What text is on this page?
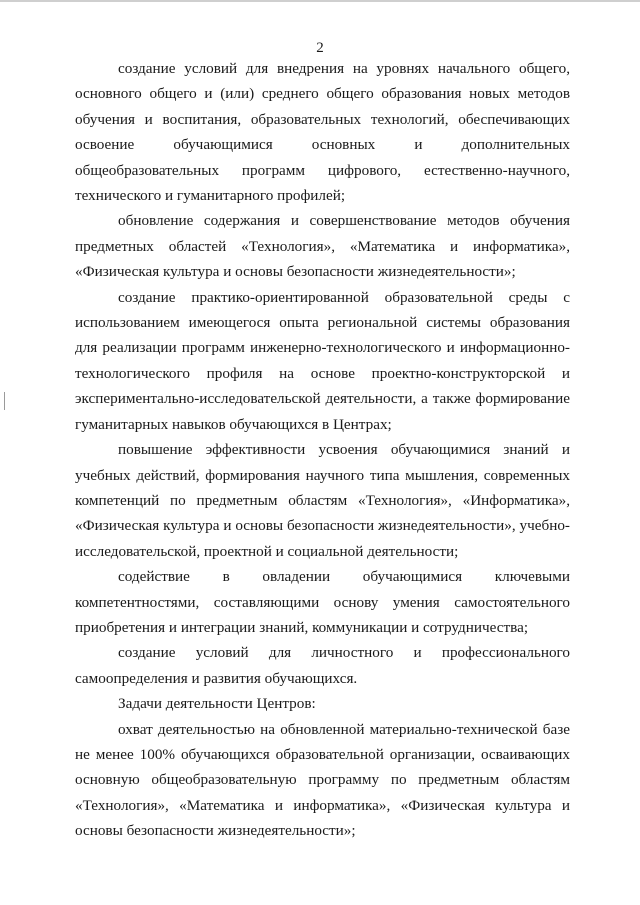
2

создание условий для внедрения на уровнях начального общего, основного общего и (или) среднего общего образования новых методов обучения и воспитания, образовательных технологий, обеспечивающих освоение обучающимися основных и дополнительных общеобразовательных программ цифрового, естественно-научного, технического и гуманитарного профилей;

обновление содержания и совершенствование методов обучения предметных областей «Технология», «Математика и информатика», «Физическая культура и основы безопасности жизнедеятельности»;

создание практико-ориентированной образовательной среды с использованием имеющегося опыта региональной системы образования для реализации программ инженерно-технологического и информационно-технологического профиля на основе проектно-конструкторской и экспериментально-исследовательской деятельности, а также формирование гуманитарных навыков обучающихся в Центрах;

повышение эффективности усвоения обучающимися знаний и учебных действий, формирования научного типа мышления, современных компетенций по предметным областям «Технология», «Информатика», «Физическая культура и основы безопасности жизнедеятельности», учебно-исследовательской, проектной и социальной деятельности;

содействие в овладении обучающимися ключевыми компетентностями, составляющими основу умения самостоятельного приобретения и интеграции знаний, коммуникации и сотрудничества;

создание условий для личностного и профессионального самоопределения и развития обучающихся.

Задачи деятельности Центров:

охват деятельностью на обновленной материально-технической базе не менее 100% обучающихся образовательной организации, осваивающих основную общеобразовательную программу по предметным областям «Технология», «Математика и информатика», «Физическая культура и основы безопасности жизнедеятельности»;
